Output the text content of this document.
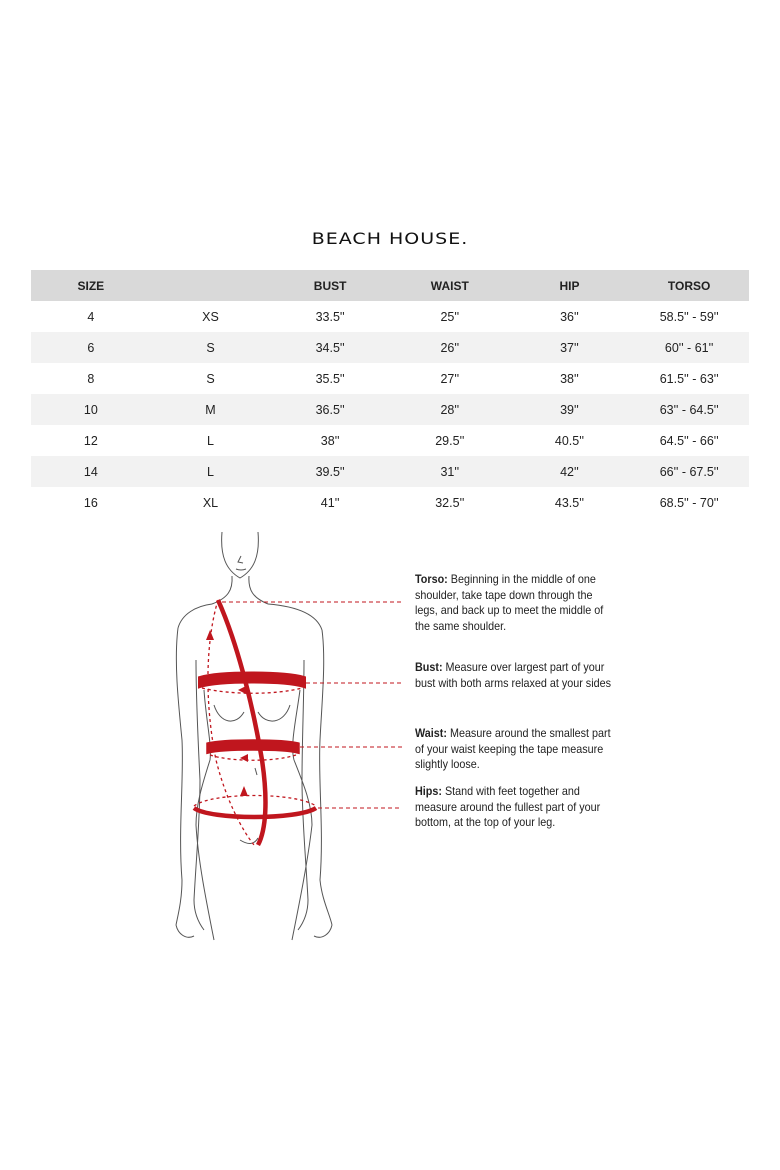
BEACH HOUSE.
SIZE		BUST	WAIST	HIP	TORSO
4	XS	33.5''	25''	36''	58.5'' - 59''
6	S	34.5''	26''	37''	60'' - 61''
8	S	35.5''	27''	38''	61.5'' - 63''
10	M	36.5''	28''	39''	63'' - 64.5''
12	L	38''	29.5''	40.5''	64.5'' - 66''
14	L	39.5''	31''	42''	66'' - 67.5''
16	XL	41''	32.5''	43.5''	68.5'' - 70''
Torso: Beginning in the middle of one shoulder, take tape down through the legs, and back up to meet the middle of the same shoulder.
Bust: Measure over largest part of your bust with both arms relaxed at your sides
Waist: Measure around the smallest part of your waist keeping the tape measure slightly loose.
Hips: Stand with feet together and measure around the fullest part of your bottom, at the top of your leg.
